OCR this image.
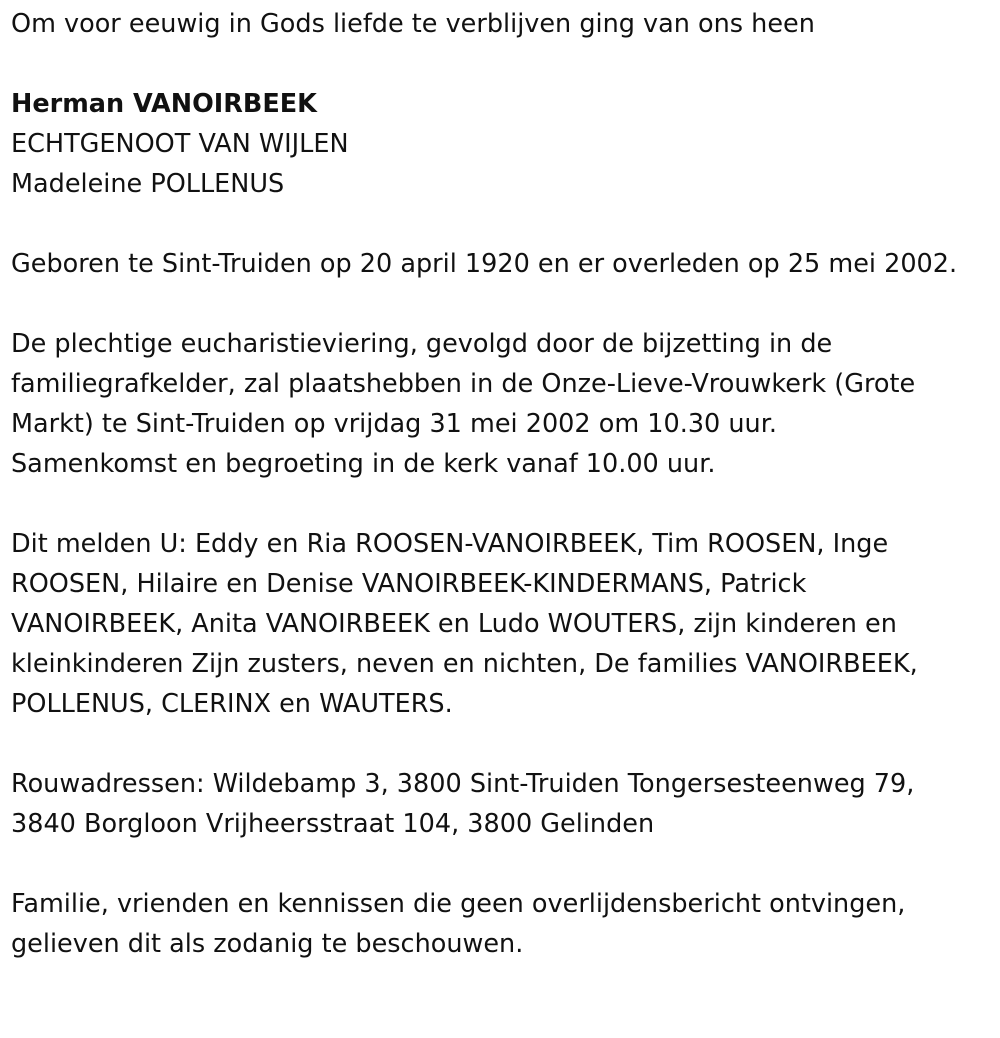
Om voor eeuwig in Gods liefde te verblijven ging van ons heen

Herman VANOIRBEEK

ECHTGENOOT VAN WIJLEN

Madeleine POLLENUS

Geboren te Sint-Truiden op 20 april 1920 en er overleden op 25 mei 2002.

De plechtige eucharistieviering, gevolgd door de bijzetting in de familiegrafkelder, zal plaatshebben in de Onze-Lieve-Vrouwkerk (Grote Markt) te Sint-Truiden op vrijdag 31 mei 2002 om 10.30 uur.

Samenkomst en begroeting in de kerk vanaf 10.00 uur.

Dit melden U: Eddy en Ria ROOSEN-VANOIRBEEK, Tim ROOSEN, Inge ROOSEN, Hilaire en Denise VANOIRBEEK-KINDERMANS, Patrick VANOIRBEEK, Anita VANOIRBEEK en Ludo WOUTERS, zijn kinderen en kleinkinderen Zijn zusters, neven en nichten, De families VANOIRBEEK, POLLENUS, CLERINX en WAUTERS.

Rouwadressen: Wildebamp 3, 3800 Sint-Truiden Tongersesteenweg 79, 3840 Borgloon Vrijheersstraat 104, 3800 Gelinden

Familie, vrienden en kennissen die geen overlijdensbericht ontvingen, gelieven dit als zodanig te beschouwen.
